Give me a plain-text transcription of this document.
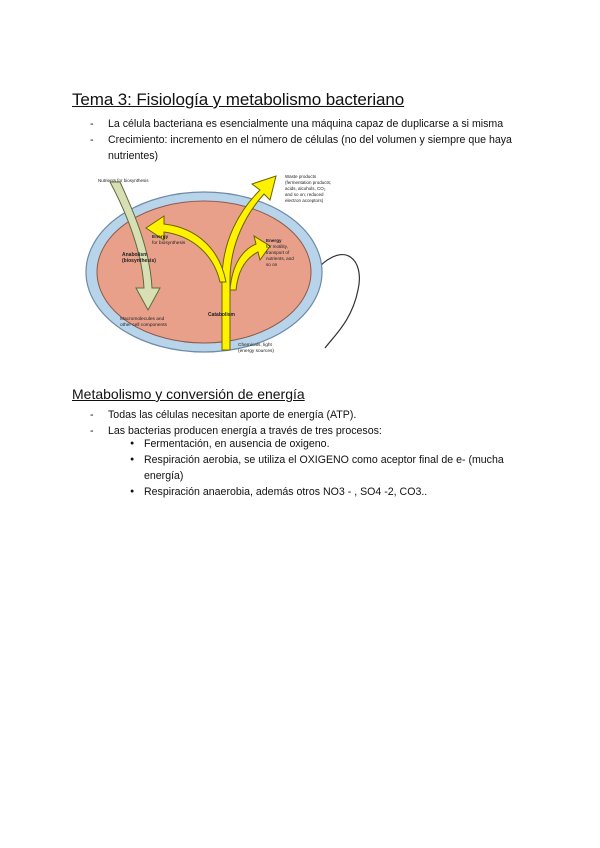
Tema 3: Fisiología y metabolismo bacteriano
- La célula bacteriana es esencialmente una máquina capaz de duplicarse a si misma
- Crecimiento: incremento en el número de células (no del volumen y siempre que haya nutrientes)
Nutrients for biosynthesis
Waste products (fermentation products; acids, alcohols, CO₂ and so on; reduced electron acceptors)
Energy for biosynthesis
Anabolism (biosynthesis)
Energy for motility, transport of nutrients, and so on
Macromolecules and other cell components
Catabolism
Chemicals, light (energy sources)
Metabolismo y conversión de energía
- Todas las células necesitan aporte de energía (ATP).
- Las bacterias producen energía a través de tres procesos:
● Fermentación, en ausencia de oxigeno.
● Respiración aerobia, se utiliza el OXIGENO como aceptor final de e- (mucha energía)
● Respiración anaerobia, además otros NO3 - , SO4 -2, CO3..
